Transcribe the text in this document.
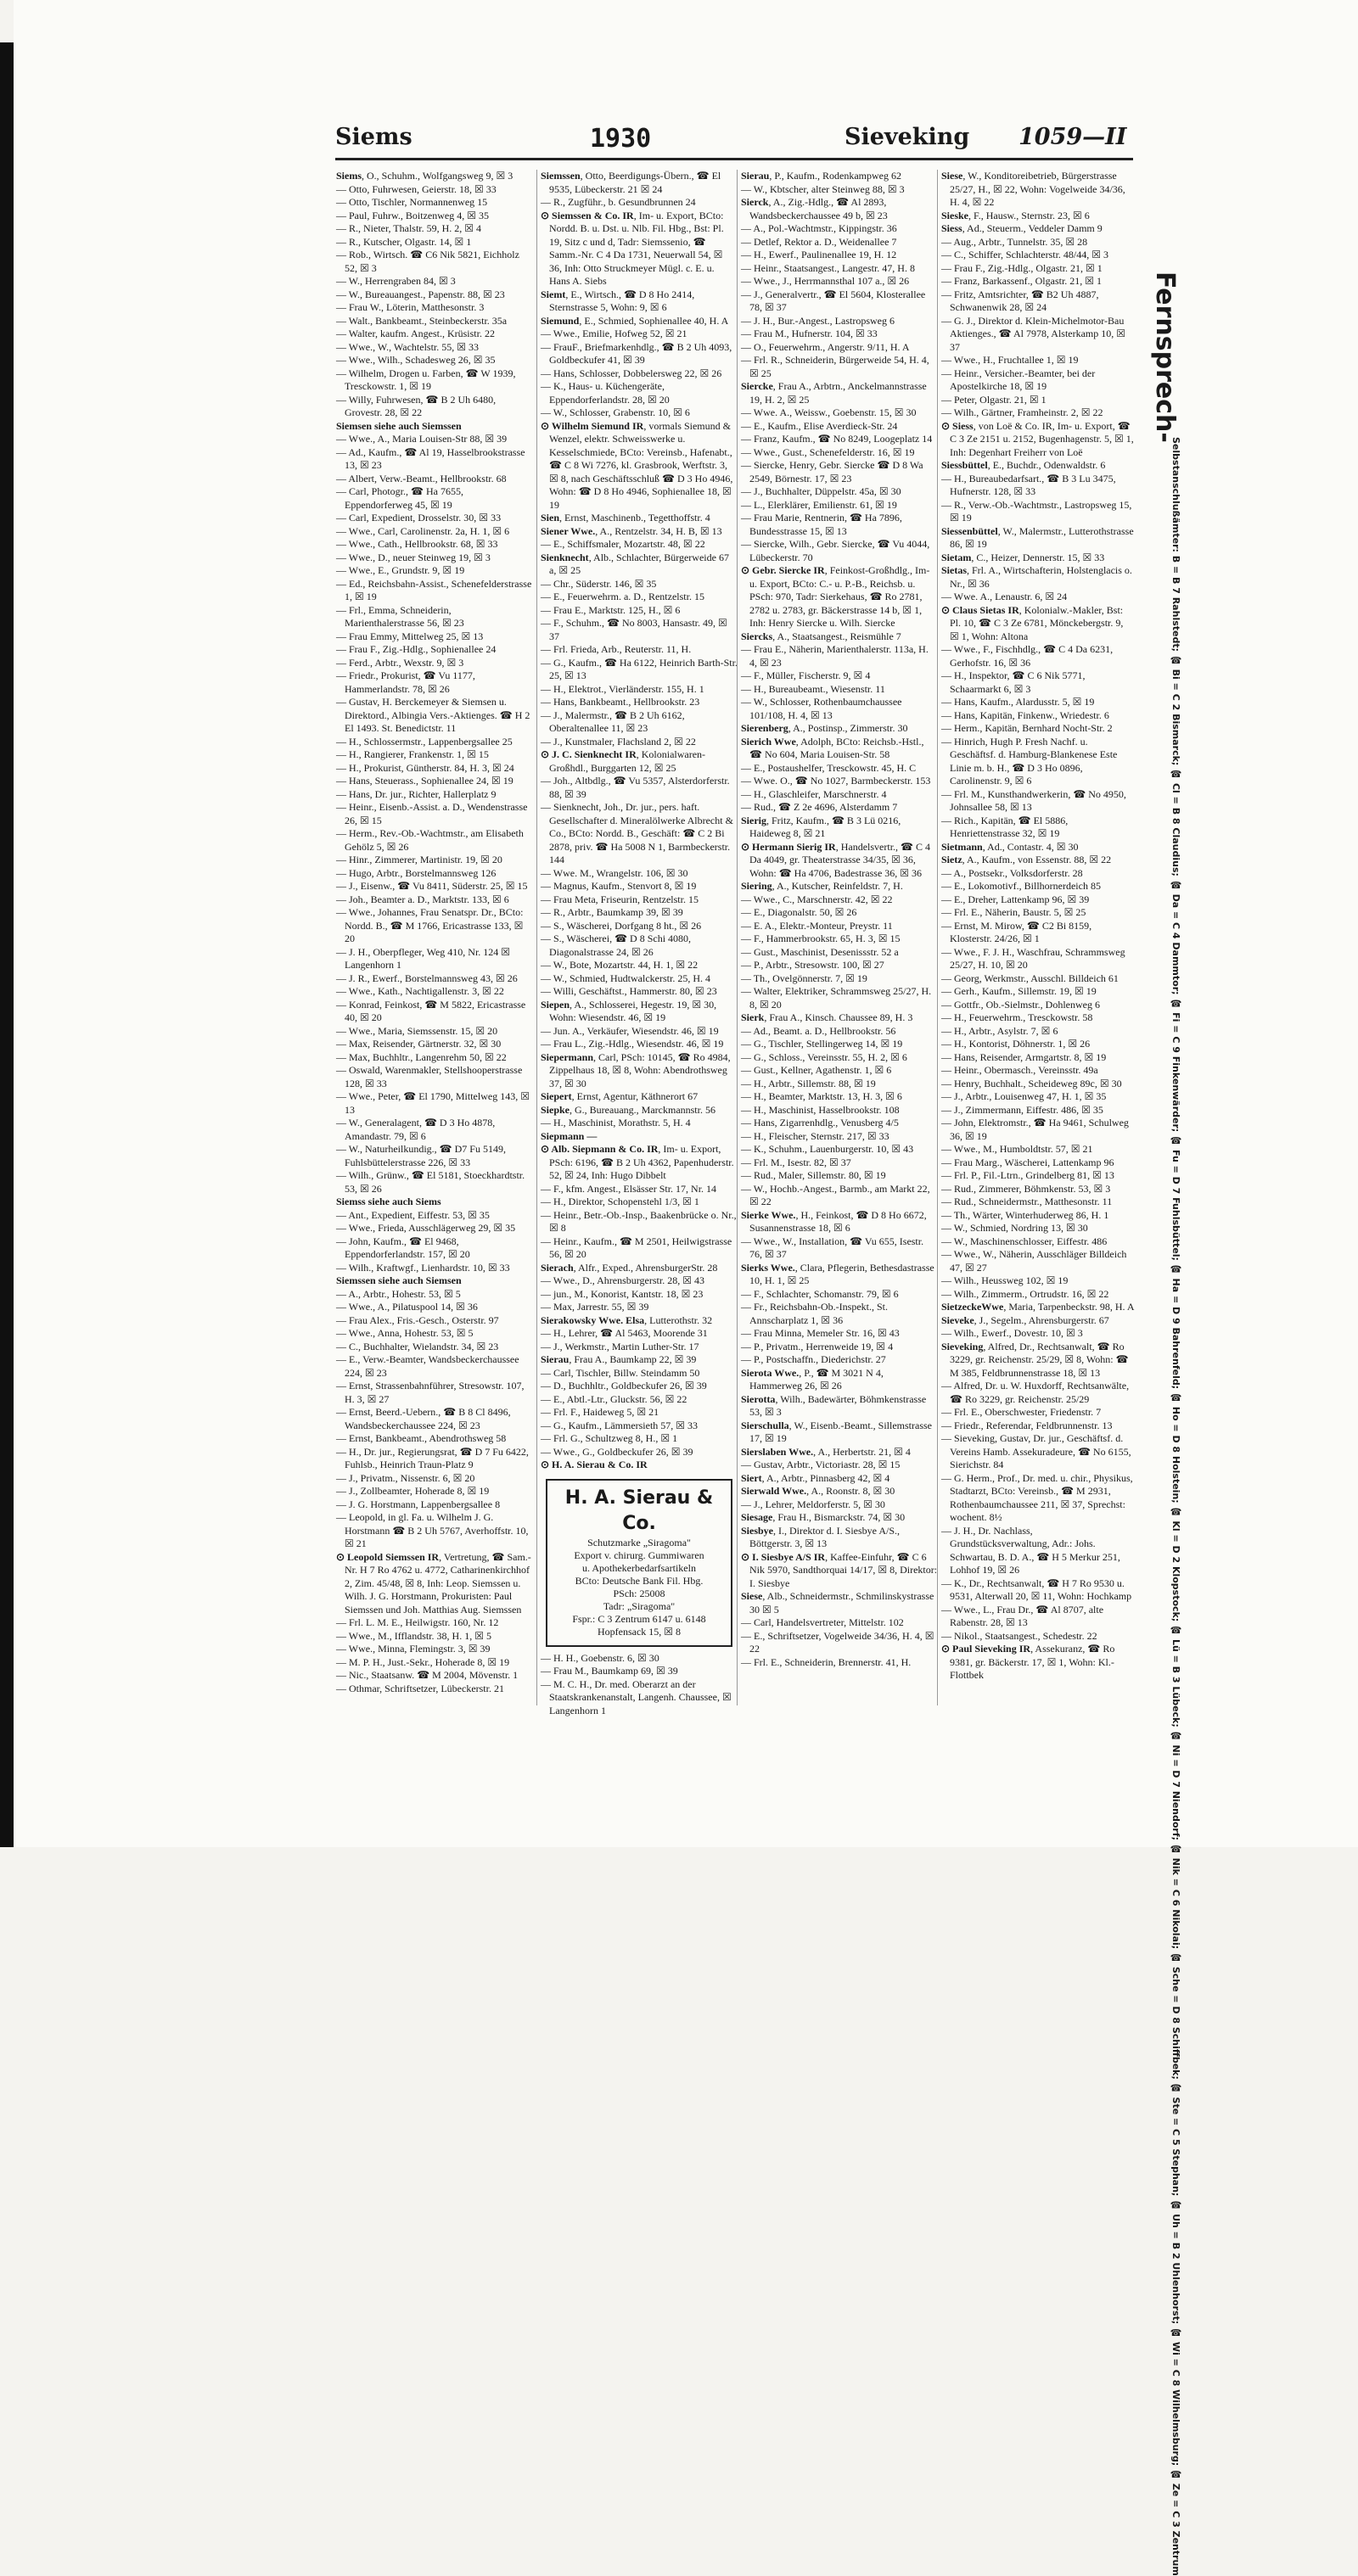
Siems	1930	Sieveking 1059—II

Siems, O., Schuhm., Wolfgangsweg 9, ☒ 3

— Otto, Fuhrwesen, Geierstr. 18, ☒ 33

— Otto, Tischler, Normannenweg 15

— Paul, Fuhrw., Boitzenweg 4, ☒ 35

— R., Nieter, Thalstr. 59, H. 2, ☒ 4

— R., Kutscher, Olgastr. 14, ☒ 1

— Rob., Wirtsch. ☎ C6 Nik 5821, Eichholz 52, ☒ 3

— W., Herrengraben 84, ☒ 3

— W., Bureauangest., Papenstr. 88, ☒ 23

— Frau W., Löterin, Matthesonstr. 3

— Walt., Bankbeamt., Steinbeckerstr. 35a

— Walter, kaufm. Angest., Krüsistr. 22

— Wwe., W., Wachtelstr. 55, ☒ 33

— Wwe., Wilh., Schadesweg 26, ☒ 35

— Wilhelm, Drogen u. Farben, ☎ W 1939, Tresckowstr. 1, ☒ 19

— Willy, Fuhrwesen, ☎ B 2 Uh 6480, Grovestr. 28, ☒ 22

Siemsen siehe auch Siemssen

— Wwe., A., Maria Louisen-Str 88, ☒ 39

— Ad., Kaufm., ☎ Al 19, Hasselbrookstrasse 13, ☒ 23

— Albert, Verw.-Beamt., Hellbrookstr. 68

— Carl, Photogr., ☎ Ha 7655, Eppendorferweg 45, ☒ 19

— Carl, Expedient, Drosselstr. 30, ☒ 33

— Wwe., Carl, Carolinenstr. 2a, H. 1, ☒ 6

— Wwe., Cath., Hellbrookstr. 68, ☒ 33

— Wwe., D., neuer Steinweg 19, ☒ 3

— Wwe., E., Grundstr. 9, ☒ 19

— Ed., Reichsbahn-Assist., Schenefelderstrasse 1, ☒ 19

— Frl., Emma, Schneiderin, Marienthalerstrasse 56, ☒ 23

— Frau Emmy, Mittelweg 25, ☒ 13

— Frau F., Zig.-Hdlg., Sophienallee 24

— Ferd., Arbtr., Wexstr. 9, ☒ 3

— Friedr., Prokurist, ☎ Vu 1177, Hammerlandstr. 78, ☒ 26

— Gustav, H. Berckemeyer & Siemsen u. Direktord., Albingia Vers.-Aktienges. ☎ H 2 El 1493. St. Benedictstr. 11

— H., Schlossermstr., Lappenbergsallee 25

— H., Rangierer, Frankenstr. 1, ☒ 15

— H., Prokurist, Güntherstr. 84, H. 3, ☒ 24

— Hans, Steuerass., Sophienallee 24, ☒ 19

— Hans, Dr. jur., Richter, Hallerplatz 9

— Heinr., Eisenb.-Assist. a. D., Wendenstrasse 26, ☒ 15

— Herm., Rev.-Ob.-Wachtmstr., am Elisabeth Gehölz 5, ☒ 26

— Hinr., Zimmerer, Martinistr. 19, ☒ 20

— Hugo, Arbtr., Borstelmannsweg 126

— J., Eisenw., ☎ Vu 8411, Süderstr. 25, ☒ 15

— Joh., Beamter a. D., Marktstr. 133, ☒ 6

— Wwe., Johannes, Frau Senatspr. Dr., BCto: Nordd. B., ☎ M 1766, Ericastrasse 133, ☒ 20

— J. H., Oberpfleger, Weg 410, Nr. 124 ☒ Langenhorn 1

— J. R., Ewerf., Borstelmannsweg 43, ☒ 26

— Wwe., Kath., Nachtigallenstr. 3, ☒ 22

— Konrad, Feinkost, ☎ M 5822, Ericastrasse 40, ☒ 20

— Wwe., Maria, Siemssenstr. 15, ☒ 20

— Max, Reisender, Gärtnerstr. 32, ☒ 30

— Max, Buchhltr., Langenrehm 50, ☒ 22

— Oswald, Warenmakler, Stellshooperstrasse 128, ☒ 33

— Wwe., Peter, ☎ El 1790, Mittelweg 143, ☒ 13

— W., Generalagent, ☎ D 3 Ho 4878, Amandastr. 79, ☒ 6

— W., Naturheilkundig., ☎ D7 Fu 5149, Fuhlsbüttelerstrasse 226, ☒ 33

— Wilh., Grünw., ☎ El 5181, Stoeckhardtstr. 53, ☒ 26

Siemss siehe auch Siems

— Ant., Expedient, Eiffestr. 53, ☒ 35

— Wwe., Frieda, Ausschlägerweg 29, ☒ 35

— John, Kaufm., ☎ El 9468, Eppendorferlandstr. 157, ☒ 20

— Wilh., Kraftwgf., Lienhardstr. 10, ☒ 33

Siemssen siehe auch Siemsen

— A., Arbtr., Hohestr. 53, ☒ 5

— Wwe., A., Pilatuspool 14, ☒ 36

— Frau Alex., Fris.-Gesch., Osterstr. 97

— Wwe., Anna, Hohestr. 53, ☒ 5

— C., Buchhalter, Wielandstr. 34, ☒ 23

— E., Verw.-Beamter, Wandsbeckerchaussee 224, ☒ 23

— Ernst, Strassenbahnführer, Stresowstr. 107, H. 3, ☒ 27

— Ernst, Beerd.-Uebern., ☎ B 8 Cl 8496, Wandsbeckerchaussee 224, ☒ 23

— Ernst, Bankbeamt., Abendrothsweg 58

— H., Dr. jur., Regierungsrat, ☎ D 7 Fu 6422, Fuhlsb., Heinrich Traun-Platz 9

— J., Privatm., Nissenstr. 6, ☒ 20

— J., Zollbeamter, Hoherade 8, ☒ 19

— J. G. Horstmann, Lappenbergsallee 8

— Leopold, in gl. Fa. u. Wilhelm J. G. Horstmann ☎ B 2 Uh 5767, Averhoffstr. 10, ☒ 21

⊙ Leopold Siemssen IR, Vertretung, ☎ Sam.-Nr. H 7 Ro 4762 u. 4772, Catharinenkirchhof 2, Zim. 45/48, ☒ 8, Inh: Leop. Siemssen u. Wilh. J. G. Horstmann, Prokuristen: Paul Siemssen und Joh. Matthias Aug. Siemssen

— Frl. L. M. E., Heilwigstr. 160, Nr. 12

— Wwe., M., Ifflandstr. 38, H. 1, ☒ 5

— Wwe., Minna, Flemingstr. 3, ☒ 39

— M. P. H., Just.-Sekr., Hoherade 8, ☒ 19

— Nic., Staatsanw. ☎ M 2004, Mövenstr. 1

— Othmar, Schriftsetzer, Lübeckerstr. 21

Siemssen, Otto, Beerdigungs-Übern., ☎ El 9535, Lübeckerstr. 21 ☒ 24

— R., Zugführ., b. Gesundbrunnen 24

⊙ Siemssen & Co. IR, Im- u. Export, BCto: Nordd. B. u. Dst. u. Nlb. Fil. Hbg., Bst: Pl. 19, Sitz c und d, Tadr: Siemssenio, ☎ Samm.-Nr. C 4 Da 1731, Neuerwall 54, ☒ 36, Inh: Otto Struckmeyer Mügl. c. E. u. Hans A. Siebs

Siemt, E., Wirtsch., ☎ D 8 Ho 2414, Sternstrasse 5, Wohn: 9, ☒ 6

Siemund, E., Schmied, Sophienallee 40, H. A

— Wwe., Emilie, Hofweg 52, ☒ 21

— FrauF., Briefmarkenhdlg., ☎ B 2 Uh 4093, Goldbeckufer 41, ☒ 39

— Hans, Schlosser, Dobbelersweg 22, ☒ 26

— K., Haus- u. Küchengeräte, Eppendorferlandstr. 28, ☒ 20

— W., Schlosser, Grabenstr. 10, ☒ 6

⊙ Wilhelm Siemund IR, vormals Siemund & Wenzel, elektr. Schweisswerke u. Kesselschmiede, BCto: Vereinsb., Hafenabt., ☎ C 8 Wi 7276, kl. Grasbrook, Werftstr. 3, ☒ 8, nach Geschäftsschluß ☎ D 3 Ho 4946, Wohn: ☎ D 8 Ho 4946, Sophienallee 18, ☒ 19

Sien, Ernst, Maschinenb., Tegetthoffstr. 4

Siener Wwe., A., Rentzelstr. 34, H. B, ☒ 13

— E., Schiffsmaler, Mozartstr. 48, ☒ 22

Sienknecht, Alb., Schlachter, Bürgerweide 67 a, ☒ 25

— Chr., Süderstr. 146, ☒ 35

— E., Feuerwehrm. a. D., Rentzelstr. 15

— Frau E., Marktstr. 125, H., ☒ 6

— F., Schuhm., ☎ No 8003, Hansastr. 49, ☒ 37

— Frl. Frieda, Arb., Reuterstr. 11, H.

— G., Kaufm., ☎ Ha 6122, Heinrich Barth-Str. 25, ☒ 13

— H., Elektrot., Vierländerstr. 155, H. 1

— Hans, Bankbeamt., Hellbrookstr. 23

— J., Malermstr., ☎ B 2 Uh 6162, Oberaltenallee 11, ☒ 23

— J., Kunstmaler, Flachsland 2, ☒ 22

⊙ J. C. Sienknecht IR, Kolonialwaren-Großhdl., Burggarten 12, ☒ 25

— Joh., Altbdlg., ☎ Vu 5357, Alsterdorferstr. 88, ☒ 39

— Sienknecht, Joh., Dr. jur., pers. haft. Gesellschafter d. Mineralölwerke Albrecht & Co., BCto: Nordd. B., Geschäft: ☎ C 2 Bi 2878, priv. ☎ Ha 5008 N 1, Barmbeckerstr. 144

— Wwe. M., Wrangelstr. 106, ☒ 30

— Magnus, Kaufm., Stenvort 8, ☒ 19

— Frau Meta, Friseurin, Rentzelstr. 15

— R., Arbtr., Baumkamp 39, ☒ 39

— S., Wäscherei, Dorfgang 8 ht., ☒ 26

— S., Wäscherei, ☎ D 8 Schi 4080, Diagonalstrasse 24, ☒ 26

— W., Bote, Mozartstr. 44, H. 1, ☒ 22

— W., Schmied, Hudtwalckerstr. 25, H. 4

— Willi, Geschäftst., Hammerstr. 80, ☒ 23

Siepen, A., Schlosserei, Hegestr. 19, ☒ 30, Wohn: Wiesendstr. 46, ☒ 19

— Jun. A., Verkäufer, Wiesendstr. 46, ☒ 19

— Frau L., Zig.-Hdlg., Wiesendstr. 46, ☒ 19

Siepermann, Carl, PSch: 10145, ☎ Ro 4984, Zippelhaus 18, ☒ 8, Wohn: Abendrothsweg 37, ☒ 30

Siepert, Ernst, Agentur, Käthnerort 67

Siepke, G., Bureauang., Marckmannstr. 56

— H., Maschinist, Morathstr. 5, H. 4

Siepmann —

⊙ Alb. Siepmann & Co. IR, Im- u. Export, PSch: 6196, ☎ B 2 Uh 4362, Papenhuderstr. 52, ☒ 24, Inh: Hugo Dibbelt

— F., kfm. Angest., Elsässer Str. 17, Nr. 14

— H., Direktor, Schopenstehl 1/3, ☒ 1

— Heinr., Betr.-Ob.-Insp., Baakenbrücke o. Nr., ☒ 8

— Heinr., Kaufm., ☎ M 2501, Heilwigstrasse 56, ☒ 20

Sierach, Alfr., Exped., AhrensburgerStr. 28

— Wwe., D., Ahrensburgerstr. 28, ☒ 43

— jun., M., Konorist, Kantstr. 18, ☒ 23

— Max, Jarrestr. 55, ☒ 39

Sierakowsky Wwe. Elsa, Lutterothstr. 32

— H., Lehrer, ☎ Al 5463, Moorende 31

— J., Werkmstr., Martin Luther-Str. 17

Sierau, Frau A., Baumkamp 22, ☒ 39

— Carl, Tischler, Billw. Steindamm 50

— D., Buchhltr., Goldbeckufer 26, ☒ 39

— E., Abtl.-Ltr., Gluckstr. 56, ☒ 22

— Frl. F., Haideweg 5, ☒ 21

— G., Kaufm., Lämmersieth 57, ☒ 33

— Frl. G., Schultzweg 8, H., ☒ 1

— Wwe., G., Goldbeckufer 26, ☒ 39

⊙ H. A. Sierau & Co. IR

H. A. Sierau & Co.
Schutzmarke „Siragoma"
Export v. chirurg. Gummiwaren
u. Apothekerbedarfsartikeln
BCto: Deutsche Bank Fil. Hbg.
PSch: 25008
Tadr: „Siragoma"
Fspr.: C 3 Zentrum 6147 u. 6148
Hopfensack 15, ☒ 8

— H. H., Goebenstr. 6, ☒ 30

— Frau M., Baumkamp 69, ☒ 39

— M. C. H., Dr. med. Oberarzt an der Staatskrankenanstalt, Langenh. Chaussee, ☒ Langenhorn 1

Sierau, P., Kaufm., Rodenkampweg 62

— W., Kbtscher, alter Steinweg 88, ☒ 3

Sierck, A., Zig.-Hdlg., ☎ Al 2893, Wandsbeckerchaussee 49 b, ☒ 23

— A., Pol.-Wachtmstr., Kippingstr. 36

— Detlef, Rektor a. D., Weidenallee 7

— H., Ewerf., Paulinenallee 19, H. 12

— Heinr., Staatsangest., Langestr. 47, H. 8

— Wwe., J., Herrmannsthal 107 a., ☒ 26

— J., Generalvertr., ☎ El 5604, Klosterallee 78, ☒ 37

— J. H., Bur.-Angest., Lastropsweg 6

— Frau M., Hufnerstr. 104, ☒ 33

— O., Feuerwehrm., Angerstr. 9/11, H. A

— Frl. R., Schneiderin, Bürgerweide 54, H. 4, ☒ 25

Siercke, Frau A., Arbtrn., Anckelmannstrasse 19, H. 2, ☒ 25

— Wwe. A., Weissw., Goebenstr. 15, ☒ 30

— E., Kaufm., Elise Averdieck-Str. 24

— Franz, Kaufm., ☎ No 8249, Loogeplatz 14

— Wwe., Gust., Schenefelderstr. 16, ☒ 19

— Siercke, Henry, Gebr. Siercke ☎ D 8 Wa 2549, Börnestr. 17, ☒ 23

— J., Buchhalter, Düppelstr. 45a, ☒ 30

— L., Elerklärer, Emilienstr. 61, ☒ 19

— Frau Marie, Rentnerin, ☎ Ha 7896, Bundesstrasse 15, ☒ 13

— Siercke, Wilh., Gebr. Siercke, ☎ Vu 4044, Lübeckerstr. 70

⊙ Gebr. Siercke IR, Feinkost-Großhdlg., Im- u. Export, BCto: C.- u. P.-B., Reichsb. u. PSch: 970, Tadr: Sierkehaus, ☎ Ro 2781, 2782 u. 2783, gr. Bäckerstrasse 14 b, ☒ 1, Inh: Henry Siercke u. Wilh. Siercke

Siercks, A., Staatsangest., Reismühle 7

— Frau E., Näherin, Marienthalerstr. 113a, H. 4, ☒ 23

— F., Müller, Fischerstr. 9, ☒ 4

— H., Bureaubeamt., Wiesenstr. 11

— W., Schlosser, Rothenbaumchaussee 101/108, H. 4, ☒ 13

Sierenberg, A., Postinsp., Zimmerstr. 30

Sierich Wwe, Adolph, BCto: Reichsb.-Hstl., ☎ No 604, Maria Louisen-Str. 58

— E., Postaushelfer, Tresckowstr. 45, H. C

— Wwe. O., ☎ No 1027, Barmbeckerstr. 153

— H., Glaschleifer, Marschnerstr. 4

— Rud., ☎ Z 2e 4696, Alsterdamm 7

Sierig, Fritz, Kaufm., ☎ B 3 Lü 0216, Haideweg 8, ☒ 21

⊙ Hermann Sierig IR, Handelsvertr., ☎ C 4 Da 4049, gr. Theaterstrasse 34/35, ☒ 36, Wohn: ☎ Ha 4706, Badestrasse 36, ☒ 36

Siering, A., Kutscher, Reinfeldstr. 7, H.

— Wwe., C., Marschnerstr. 42, ☒ 22

— E., Diagonalstr. 50, ☒ 26

— E. A., Elektr.-Monteur, Preystr. 11

— F., Hammerbrookstr. 65, H. 3, ☒ 15

— Gust., Maschinist, Desenissstr. 52 a

— P., Arbtr., Stresowstr. 100, ☒ 27

— Th., Ovelgönnerstr. 7, ☒ 19

— Walter, Elektriker, Schrammsweg 25/27, H. 8, ☒ 20

Sierk, Frau A., Kinsch. Chaussee 89, H. 3

— Ad., Beamt. a. D., Hellbrookstr. 56

— G., Tischler, Stellingerweg 14, ☒ 19

— G., Schloss., Vereinsstr. 55, H. 2, ☒ 6

— Gust., Kellner, Agathenstr. 1, ☒ 6

— H., Arbtr., Sillemstr. 88, ☒ 19

— H., Beamter, Marktstr. 13, H. 3, ☒ 6

— H., Maschinist, Hasselbrookstr. 108

— Hans, Zigarrenhdlg., Venusberg 4/5

— H., Fleischer, Sternstr. 217, ☒ 33

— K., Schuhm., Lauenburgerstr. 10, ☒ 43

— Frl. M., Isestr. 82, ☒ 37

— Rud., Maler, Sillemstr. 80, ☒ 19

— W., Hochb.-Angest., Barmb., am Markt 22, ☒ 22

Sierke Wwe., H., Feinkost, ☎ D 8 Ho 6672, Susannenstrasse 18, ☒ 6

— Wwe., W., Installation, ☎ Vu 655, Isestr. 76, ☒ 37

Sierks Wwe., Clara, Pflegerin, Bethesdastrasse 10, H. 1, ☒ 25

— F., Schlachter, Schomanstr. 79, ☒ 6

— Fr., Reichsbahn-Ob.-Inspekt., St. Annscharplatz 1, ☒ 36

— Frau Minna, Memeler Str. 16, ☒ 43

— P., Privatm., Herrenweide 19, ☒ 4

— P., Postschaffn., Diederichstr. 27

Sierota Wwe., P., ☎ M 3021 N 4, Hammerweg 26, ☒ 26

Sierotta, Wilh., Badewärter, Böhmkenstrasse 53, ☒ 3

Sierschulla, W., Eisenb.-Beamt., Sillemstrasse 17, ☒ 19

Sierslaben Wwe., A., Herbertstr. 21, ☒ 4

— Gustav, Arbtr., Victoriastr. 28, ☒ 15

Siert, A., Arbtr., Pinnasberg 42, ☒ 4

Sierwald Wwe., A., Roonstr. 8, ☒ 30

— J., Lehrer, Meldorferstr. 5, ☒ 30

Siesage, Frau H., Bismarckstr. 74, ☒ 30

Siesbye, I., Direktor d. I. Siesbye A/S., Böttgerstr. 3, ☒ 13

⊙ I. Siesbye A/S IR, Kaffee-Einfuhr, ☎ C 6 Nik 5970, Sandthorquai 14/17, ☒ 8, Direktor: I. Siesbye

Siese, Alb., Schneidermstr., Schmilinskystrasse 30 ☒ 5

— Carl, Handelsvertreter, Mittelstr. 102

— E., Schriftsetzer, Vogelweide 34/36, H. 4, ☒ 22

— Frl. E., Schneiderin, Brennerstr. 41, H.

Siese, W., Konditoreibetrieb, Bürgerstrasse 25/27, H., ☒ 22, Wohn: Vogelweide 34/36, H. 4, ☒ 22

Sieske, F., Hausw., Sternstr. 23, ☒ 6

Siess, Ad., Steuerm., Veddeler Damm 9

— Aug., Arbtr., Tunnelstr. 35, ☒ 28

— C., Schiffer, Schlachterstr. 48/44, ☒ 3

— Frau F., Zig.-Hdlg., Olgastr. 21, ☒ 1

— Franz, Barkassenf., Olgastr. 21, ☒ 1

— Fritz, Amtsrichter, ☎ B2 Uh 4887, Schwanenwik 28, ☒ 24

— G. J., Direktor d. Klein-Michelmotor-Bau Aktienges., ☎ Al 7978, Alsterkamp 10, ☒ 37

— Wwe., H., Fruchtallee 1, ☒ 19

— Heinr., Versicher.-Beamter, bei der Apostelkirche 18, ☒ 19

— Peter, Olgastr. 21, ☒ 1

— Wilh., Gärtner, Framheinstr. 2, ☒ 22

⊙ Siess, von Loë & Co. IR, Im- u. Export, ☎ C 3 Ze 2151 u. 2152, Bugenhagenstr. 5, ☒ 1, Inh: Degenhart Freiherr von Loë

Siessbüttel, E., Buchdr., Odenwaldstr. 6

— H., Bureaubedarfsart., ☎ B 3 Lu 3475, Hufnerstr. 128, ☒ 33

— R., Verw.-Ob.-Wachtmstr., Lastropsweg 15, ☒ 19

Siessenbüttel, W., Malermstr., Lutterothstrasse 86, ☒ 19

Sietam, C., Heizer, Dennerstr. 15, ☒ 33

Sietas, Frl. A., Wirtschafterin, Holstenglacis o. Nr., ☒ 36

— Wwe. A., Lenaustr. 6, ☒ 24

⊙ Claus Sietas IR, Kolonialw.-Makler, Bst: Pl. 10, ☎ C 3 Ze 6781, Mönckebergstr. 9, ☒ 1, Wohn: Altona

— Wwe., F., Fischhdlg., ☎ C 4 Da 6231, Gerhofstr. 16, ☒ 36

— H., Inspektor, ☎ C 6 Nik 5771, Schaarmarkt 6, ☒ 3

— Hans, Kaufm., Alardusstr. 5, ☒ 19

— Hans, Kapitän, Finkenw., Wriedestr. 6

— Herm., Kapitän, Bernhard Nocht-Str. 2

— Hinrich, Hugh P. Fresh Nachf. u. Geschäftsf. d. Hamburg-Blankenese Este Linie m. b. H., ☎ D 3 Ho 0896, Carolinenstr. 9, ☒ 6

— Frl. M., Kunsthandwerkerin, ☎ No 4950, Johnsallee 58, ☒ 13

— Rich., Kapitän, ☎ El 5886, Henriettenstrasse 32, ☒ 19

Sietmann, Ad., Contastr. 4, ☒ 30

Sietz, A., Kaufm., von Essenstr. 88, ☒ 22

— A., Postsekr., Volksdorferstr. 28

— E., Lokomotivf., Billhornerdeich 85

— E., Dreher, Lattenkamp 96, ☒ 39

— Frl. E., Näherin, Baustr. 5, ☒ 25

— Ernst, M. Mirow, ☎ C2 Bi 8159, Klosterstr. 24/26, ☒ 1

— Wwe., F. J. H., Waschfrau, Schrammsweg 25/27, H. 10, ☒ 20

— Georg, Werkmstr., Ausschl. Billdeich 61

— Gerh., Kaufm., Sillemstr. 19, ☒ 19

— Gottfr., Ob.-Sielmstr., Dohlenweg 6

— H., Feuerwehrm., Tresckowstr. 58

— H., Arbtr., Asylstr. 7, ☒ 6

— H., Kontorist, Döhnerstr. 1, ☒ 26

— Hans, Reisender, Armgartstr. 8, ☒ 19

— Heinr., Obermasch., Vereinsstr. 49a

— Henry, Buchhalt., Scheideweg 89c, ☒ 30

— J., Arbtr., Louisenweg 47, H. 1, ☒ 35

— J., Zimmermann, Eiffestr. 486, ☒ 35

— John, Elektromstr., ☎ Ha 9461, Schulweg 36, ☒ 19

— Wwe., M., Humboldtstr. 57, ☒ 21

— Frau Marg., Wäscherei, Lattenkamp 96

— Frl. P., Fil.-Ltrn., Grindelberg 81, ☒ 13

— Rud., Zimmerer, Böhmkenstr. 53, ☒ 3

— Rud., Schneidermstr., Matthesonstr. 11

— Th., Wärter, Winterhuderweg 86, H. 1

— W., Schmied, Nordring 13, ☒ 30

— W., Maschinenschlosser, Eiffestr. 486

— Wwe., W., Näherin, Ausschläger Billdeich 47, ☒ 27

— Wilh., Heussweg 102, ☒ 19

— Wilh., Zimmerm., Ortrudstr. 16, ☒ 22

SietzeckeWwe, Maria, Tarpenbeckstr. 98, H. A

Sieveke, J., Segelm., Ahrensburgerstr. 67

— Wilh., Ewerf., Dovestr. 10, ☒ 3

Sieveking, Alfred, Dr., Rechtsanwalt, ☎ Ro 3229, gr. Reichenstr. 25/29, ☒ 8, Wohn: ☎ M 385, Feldbrunnenstrasse 18, ☒ 13

— Alfred, Dr. u. W. Huxdorff, Rechtsanwälte, ☎ Ro 3229, gr. Reichenstr. 25/29

— Frl. E., Oberschwester, Friedenstr. 7

— Friedr., Referendar, Feldbrunnenstr. 13

— Sieveking, Gustav, Dr. jur., Geschäftsf. d. Vereins Hamb. Assekuradeure, ☎ No 6155, Sierichstr. 84

— G. Herm., Prof., Dr. med. u. chir., Physikus, Stadtarzt, BCto: Vereinsb., ☎ M 2931, Rothenbaumchaussee 211, ☒ 37, Sprechst: wochent. 8½

— J. H., Dr. Nachlass, Grundstücksverwaltung, Adr.: Johs. Schwartau, B. D. A., ☎ H 5 Merkur 251, Lohhof 19, ☒ 26

— K., Dr., Rechtsanwalt, ☎ H 7 Ro 9530 u. 9531, Alterwall 20, ☒ 11, Wohn: Hochkamp

— Wwe., L., Frau Dr., ☎ Al 8707, alte Rabenstr. 28, ☒ 13

— Nikol., Staatsangest., Schedestr. 22

⊙ Paul Sieveking IR, Assekuranz, ☎ Ro 9381, gr. Bäckerstr. 17, ☒ 1, Wohn: Kl.-Flottbek

Fernsprech-
Selbstanschlußämter: B = B 7 Rahlstedt; ☎ Bi = C 2 Bismarck; ☎ Cl = B 8 Claudius; ☎ Da = C 4 Dammtor; ☎ Fi = C 9 Finkenwärder; ☎ Fu = D 7 Fuhlsbüttel; ☎ Ha = D 9 Bahrenfeld; ☎ Ho = D 8 Holstein; ☎ Kl = D 2 Klopstock; ☎ Lü = B 3 Lübeck; ☎ Ni = D 7 Niendorf; ☎ Nik = C 6 Nikolai; ☎ Sche = D 8 Schiffbek; ☎ Ste = C 5 Stephan; ☎ Uh = B 2 Uhlenhorst; ☎ Wi = C 8 Wilhelmsburg; ☎ Ze = C 3 Zentrum
